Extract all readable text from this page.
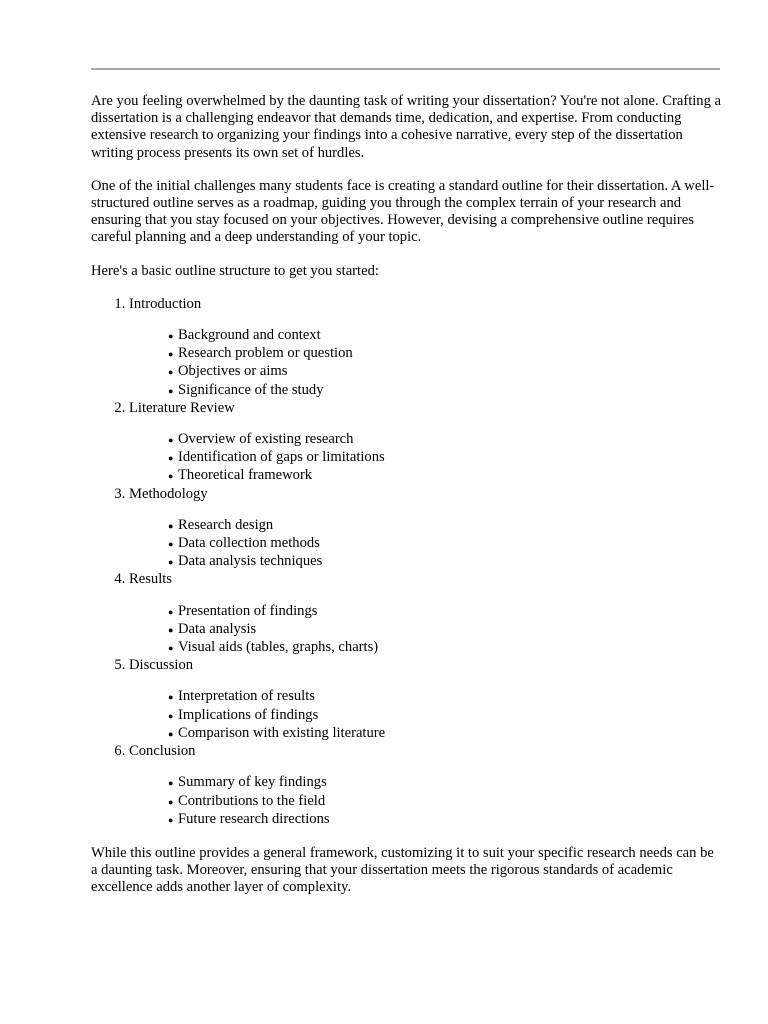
Are you feeling overwhelmed by the daunting task of writing your dissertation? You're not alone. Crafting a dissertation is a challenging endeavor that demands time, dedication, and expertise. From conducting extensive research to organizing your findings into a cohesive narrative, every step of the dissertation writing process presents its own set of hurdles.

One of the initial challenges many students face is creating a standard outline for their dissertation. A well-structured outline serves as a roadmap, guiding you through the complex terrain of your research and ensuring that you stay focused on your objectives. However, devising a comprehensive outline requires careful planning and a deep understanding of your topic.

Here's a basic outline structure to get you started:

1. Introduction
● Background and context
● Research problem or question
● Objectives or aims
● Significance of the study
2. Literature Review
● Overview of existing research
● Identification of gaps or limitations
● Theoretical framework
3. Methodology
● Research design
● Data collection methods
● Data analysis techniques
4. Results
● Presentation of findings
● Data analysis
● Visual aids (tables, graphs, charts)
5. Discussion
● Interpretation of results
● Implications of findings
● Comparison with existing literature
6. Conclusion
● Summary of key findings
● Contributions to the field
● Future research directions

While this outline provides a general framework, customizing it to suit your specific research needs can be a daunting task. Moreover, ensuring that your dissertation meets the rigorous standards of academic excellence adds another layer of complexity.
